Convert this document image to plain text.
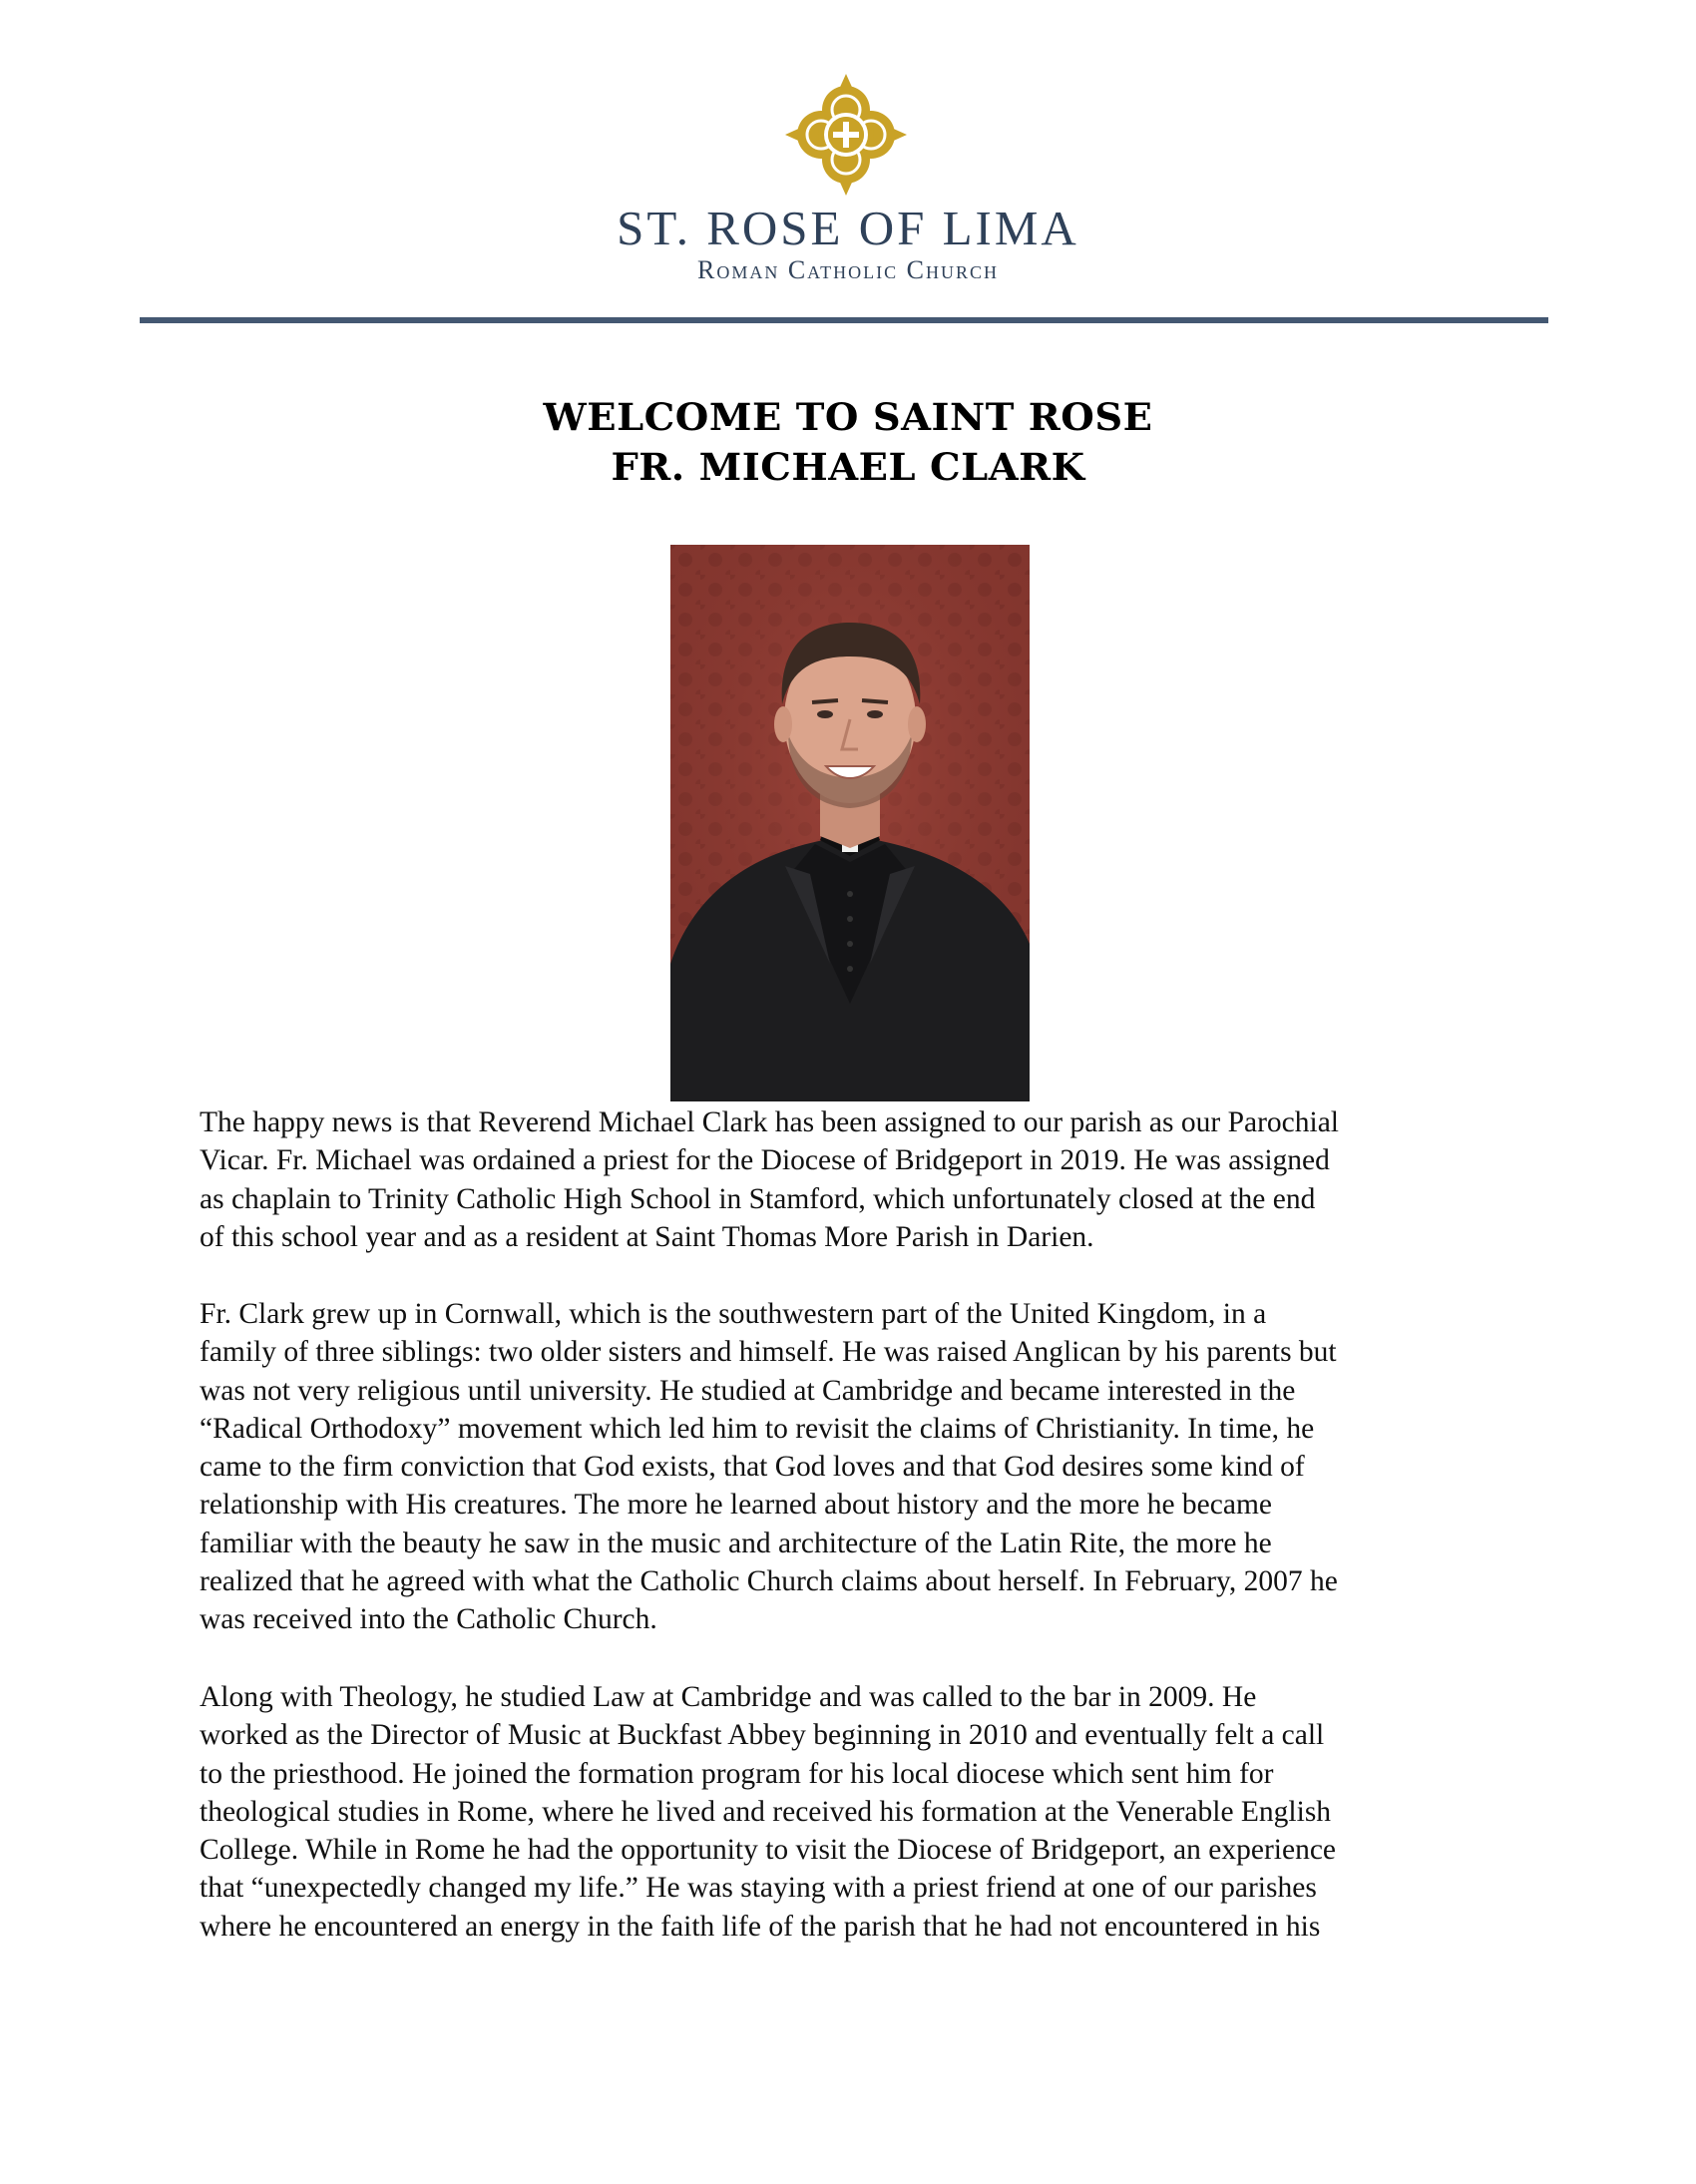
ST. ROSE OF LIMA
Roman Catholic Church
WELCOME TO SAINT ROSE
FR. MICHAEL CLARK
The happy news is that Reverend Michael Clark has been assigned to our parish as our Parochial
Vicar. Fr. Michael was ordained a priest for the Diocese of Bridgeport in 2019. He was assigned
as chaplain to Trinity Catholic High School in Stamford, which unfortunately closed at the end
of this school year and as a resident at Saint Thomas More Parish in Darien.
Fr. Clark grew up in Cornwall, which is the southwestern part of the United Kingdom, in a
family of three siblings: two older sisters and himself. He was raised Anglican by his parents but
was not very religious until university. He studied at Cambridge and became interested in the
“Radical Orthodoxy” movement which led him to revisit the claims of Christianity. In time, he
came to the firm conviction that God exists, that God loves and that God desires some kind of
relationship with His creatures. The more he learned about history and the more he became
familiar with the beauty he saw in the music and architecture of the Latin Rite, the more he
realized that he agreed with what the Catholic Church claims about herself. In February, 2007 he
was received into the Catholic Church.
Along with Theology, he studied Law at Cambridge and was called to the bar in 2009. He
worked as the Director of Music at Buckfast Abbey beginning in 2010 and eventually felt a call
to the priesthood. He joined the formation program for his local diocese which sent him for
theological studies in Rome, where he lived and received his formation at the Venerable English
College. While in Rome he had the opportunity to visit the Diocese of Bridgeport, an experience
that “unexpectedly changed my life.” He was staying with a priest friend at one of our parishes
where he encountered an energy in the faith life of the parish that he had not encountered in his
